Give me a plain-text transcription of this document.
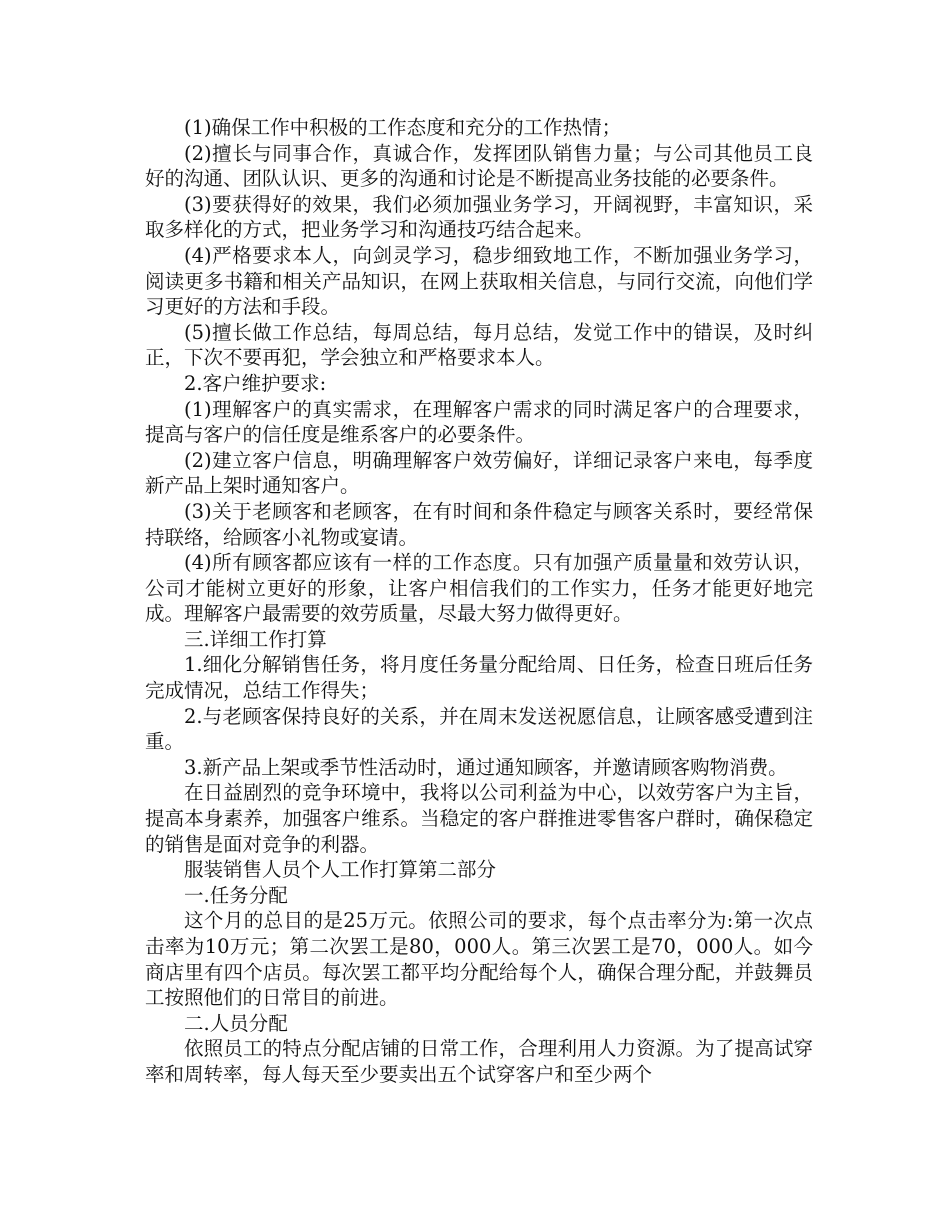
(1)确保工作中积极的工作态度和充分的工作热情；

(2)擅长与同事合作，真诚合作，发挥团队销售力量；与公司其他员工良好的沟通、团队认识、更多的沟通和讨论是不断提高业务技能的必要条件。

(3)要获得好的效果，我们必须加强业务学习，开阔视野，丰富知识，采取多样化的方式，把业务学习和沟通技巧结合起来。

(4)严格要求本人，向剑灵学习，稳步细致地工作，不断加强业务学习，阅读更多书籍和相关产品知识，在网上获取相关信息，与同行交流，向他们学习更好的方法和手段。

(5)擅长做工作总结，每周总结，每月总结，发觉工作中的错误，及时纠正，下次不要再犯，学会独立和严格要求本人。

2.客户维护要求:

(1)理解客户的真实需求，在理解客户需求的同时满足客户的合理要求，提高与客户的信任度是维系客户的必要条件。

(2)建立客户信息，明确理解客户效劳偏好，详细记录客户来电，每季度新产品上架时通知客户。

(3)关于老顾客和老顾客，在有时间和条件稳定与顾客关系时，要经常保持联络，给顾客小礼物或宴请。

(4)所有顾客都应该有一样的工作态度。只有加强产质量量和效劳认识，公司才能树立更好的形象，让客户相信我们的工作实力，任务才能更好地完成。理解客户最需要的效劳质量，尽最大努力做得更好。

三.详细工作打算

1.细化分解销售任务，将月度任务量分配给周、日任务，检查日班后任务完成情况，总结工作得失；

2.与老顾客保持良好的关系，并在周末发送祝愿信息，让顾客感受遭到注重。

3.新产品上架或季节性活动时，通过通知顾客，并邀请顾客购物消费。

在日益剧烈的竞争环境中，我将以公司利益为中心，以效劳客户为主旨，提高本身素养，加强客户维系。当稳定的客户群推进零售客户群时，确保稳定的销售是面对竞争的利器。

服装销售人员个人工作打算第二部分

一.任务分配

这个月的总目的是25万元。依照公司的要求，每个点击率分为:第一次点击率为10万元；第二次罢工是80，000人。第三次罢工是70，000人。如今商店里有四个店员。每次罢工都平均分配给每个人，确保合理分配，并鼓舞员工按照他们的日常目的前进。

二.人员分配

依照员工的特点分配店铺的日常工作，合理利用人力资源。为了提高试穿率和周转率，每人每天至少要卖出五个试穿客户和至少两个
